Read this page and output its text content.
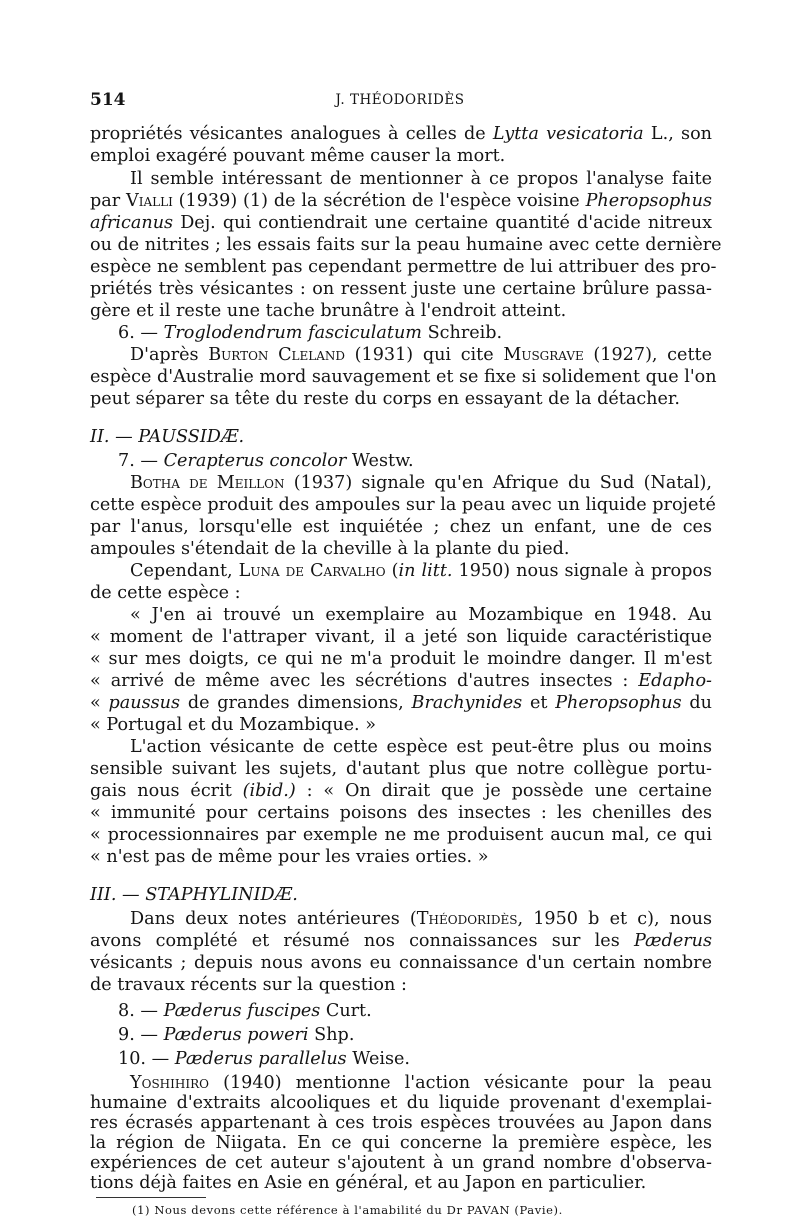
514	J. THÉODORIDÈS
propriétés vésicantes analogues à celles de Lytta vesicatoria L., son
emploi exagéré pouvant même causer la mort.
Il semble intéressant de mentionner à ce propos l'analyse faite
par Vialli (1939) (1) de la sécrétion de l'espèce voisine Pheropsophus
africanus Dej. qui contiendrait une certaine quantité d'acide nitreux
ou de nitrites ; les essais faits sur la peau humaine avec cette dernière
espèce ne semblent pas cependant permettre de lui attribuer des pro-
priétés très vésicantes : on ressent juste une certaine brûlure passa-
gère et il reste une tache brunâtre à l'endroit atteint.
6. — Troglodendrum fasciculatum Schreib.
D'après Burton Cleland (1931) qui cite Musgrave (1927), cette
espèce d'Australie mord sauvagement et se fixe si solidement que l'on
peut séparer sa tête du reste du corps en essayant de la détacher.
II. — PAUSSIDÆ.
7. — Cerapterus concolor Westw.
Botha de Meillon (1937) signale qu'en Afrique du Sud (Natal),
cette espèce produit des ampoules sur la peau avec un liquide projeté
par l'anus, lorsqu'elle est inquiétée ; chez un enfant, une de ces
ampoules s'étendait de la cheville à la plante du pied.
Cependant, Luna de Carvalho (in litt. 1950) nous signale à propos
de cette espèce :
« J'en ai trouvé un exemplaire au Mozambique en 1948. Au
« moment de l'attraper vivant, il a jeté son liquide caractéristique
« sur mes doigts, ce qui ne m'a produit le moindre danger. Il m'est
« arrivé de même avec les sécrétions d'autres insectes : Edapho-
« paussus de grandes dimensions, Brachynides et Pheropsophus du
« Portugal et du Mozambique. »
L'action vésicante de cette espèce est peut-être plus ou moins
sensible suivant les sujets, d'autant plus que notre collègue portu-
gais nous écrit (ibid.) : « On dirait que je possède une certaine
« immunité pour certains poisons des insectes : les chenilles des
« processionnaires par exemple ne me produisent aucun mal, ce qui
« n'est pas de même pour les vraies orties. »
III. — STAPHYLINIDÆ.
Dans deux notes antérieures (Théodoridès, 1950 b et c), nous
avons complété et résumé nos connaissances sur les Pæderus
vésicants ; depuis nous avons eu connaissance d'un certain nombre
de travaux récents sur la question :
8. — Pæderus fuscipes Curt.
9. — Pæderus poweri Shp.
10. — Pæderus parallelus Weise.
Yoshihiro (1940) mentionne l'action vésicante pour la peau
humaine d'extraits alcooliques et du liquide provenant d'exemplai-
res écrasés appartenant à ces trois espèces trouvées au Japon dans
la région de Niigata. En ce qui concerne la première espèce, les
expériences de cet auteur s'ajoutent à un grand nombre d'observa-
tions déjà faites en Asie en général, et au Japon en particulier.
(1) Nous devons cette référence à l'amabilité du Dr PAVAN (Pavie).
